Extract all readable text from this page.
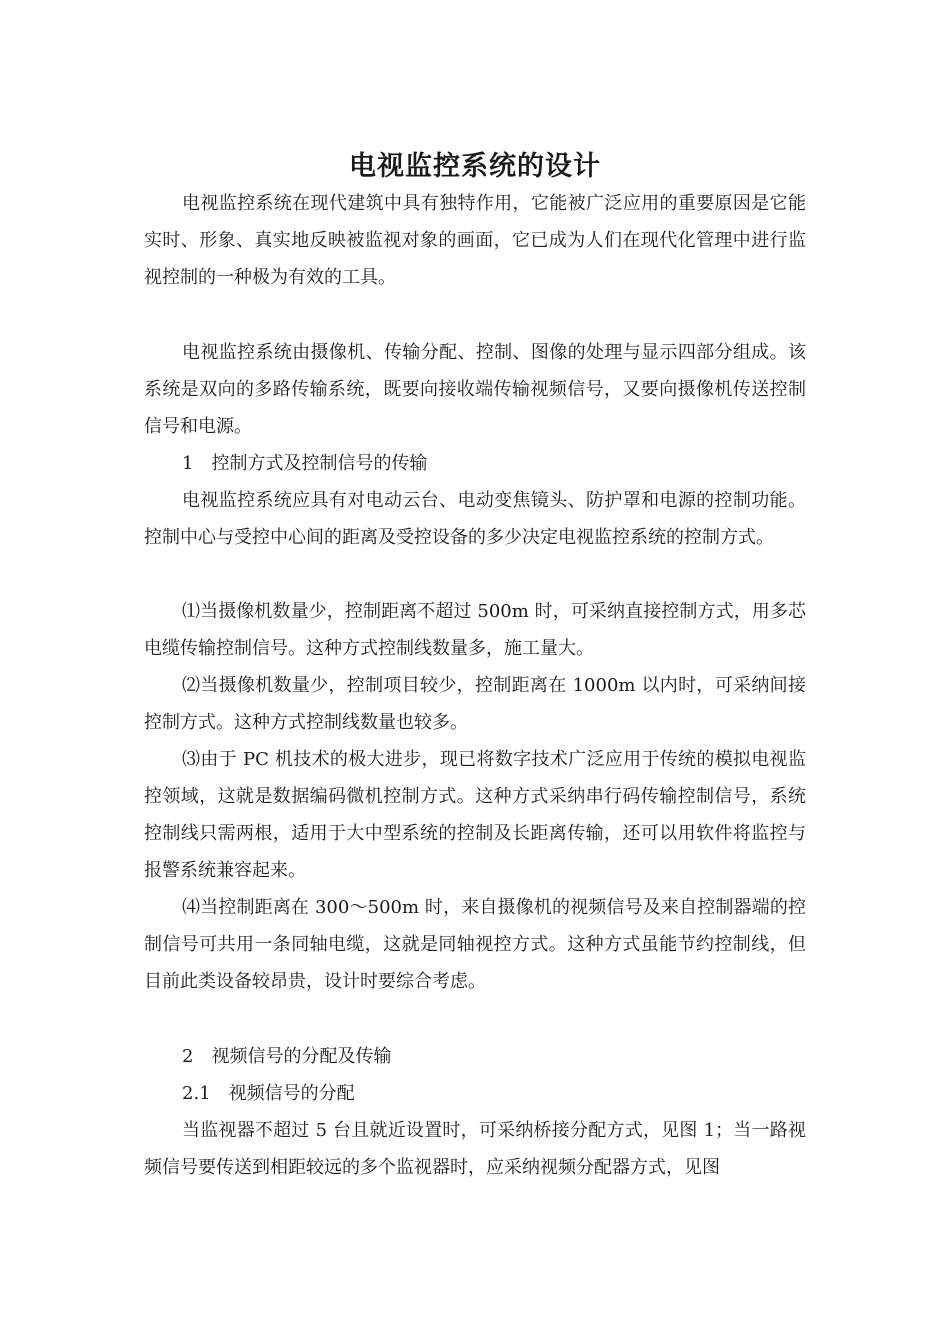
电视监控系统的设计

电视监控系统在现代建筑中具有独特作用，它能被广泛应用的重要原因是它能实时、形象、真实地反映被监视对象的画面，它已成为人们在现代化管理中进行监视控制的一种极为有效的工具。

电视监控系统由摄像机、传输分配、控制、图像的处理与显示四部分组成。该系统是双向的多路传输系统，既要向接收端传输视频信号，又要向摄像机传送控制信号和电源。

1　控制方式及控制信号的传输

电视监控系统应具有对电动云台、电动变焦镜头、防护罩和电源的控制功能。控制中心与受控中心间的距离及受控设备的多少决定电视监控系统的控制方式。

⑴当摄像机数量少，控制距离不超过 500m 时，可采纳直接控制方式，用多芯电缆传输控制信号。这种方式控制线数量多，施工量大。

⑵当摄像机数量少，控制项目较少，控制距离在 1000m 以内时，可采纳间接控制方式。这种方式控制线数量也较多。

⑶由于 PC 机技术的极大进步，现已将数字技术广泛应用于传统的模拟电视监控领域，这就是数据编码微机控制方式。这种方式采纳串行码传输控制信号，系统控制线只需两根，适用于大中型系统的控制及长距离传输，还可以用软件将监控与报警系统兼容起来。

⑷当控制距离在 300～500m 时，来自摄像机的视频信号及来自控制器端的控制信号可共用一条同轴电缆，这就是同轴视控方式。这种方式虽能节约控制线，但目前此类设备较昂贵，设计时要综合考虑。

2　视频信号的分配及传输

2.1　视频信号的分配

当监视器不超过 5 台且就近设置时，可采纳桥接分配方式，见图 1；当一路视频信号要传送到相距较远的多个监视器时，应采纳视频分配器方式，见图
